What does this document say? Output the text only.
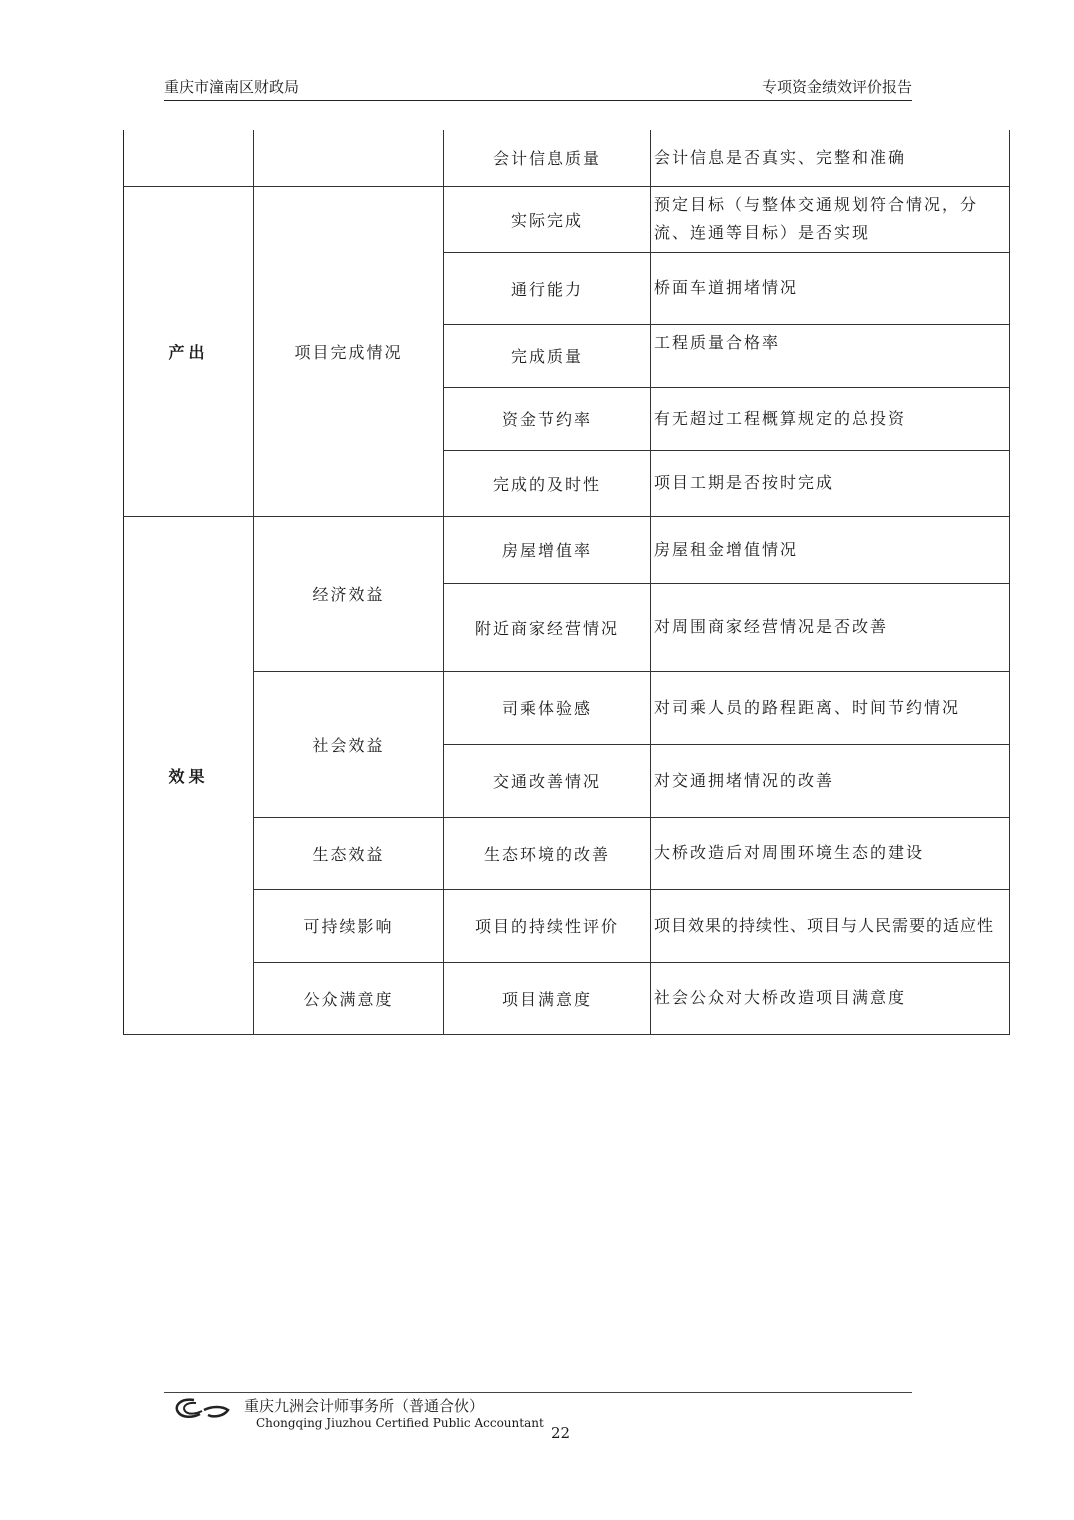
重庆市潼南区财政局	专项资金绩效评价报告
		会计信息质量	会计信息是否真实、完整和准确
产出	项目完成情况	实际完成	预定目标（与整体交通规划符合情况，分流、连通等目标）是否实现
		通行能力	桥面车道拥堵情况
		完成质量	工程质量合格率
		资金节约率	有无超过工程概算规定的总投资
		完成的及时性	项目工期是否按时完成
效果	经济效益	房屋增值率	房屋租金增值情况
		附近商家经营情况	对周围商家经营情况是否改善
	社会效益	司乘体验感	对司乘人员的路程距离、时间节约情况
		交通改善情况	对交通拥堵情况的改善
	生态效益	生态环境的改善	大桥改造后对周围环境生态的建设
	可持续影响	项目的持续性评价	项目效果的持续性、项目与人民需要的适应性
	公众满意度	项目满意度	社会公众对大桥改造项目满意度
重庆九洲会计师事务所（普通合伙）
Chongqing Jiuzhou Certified Public Accountant
22
